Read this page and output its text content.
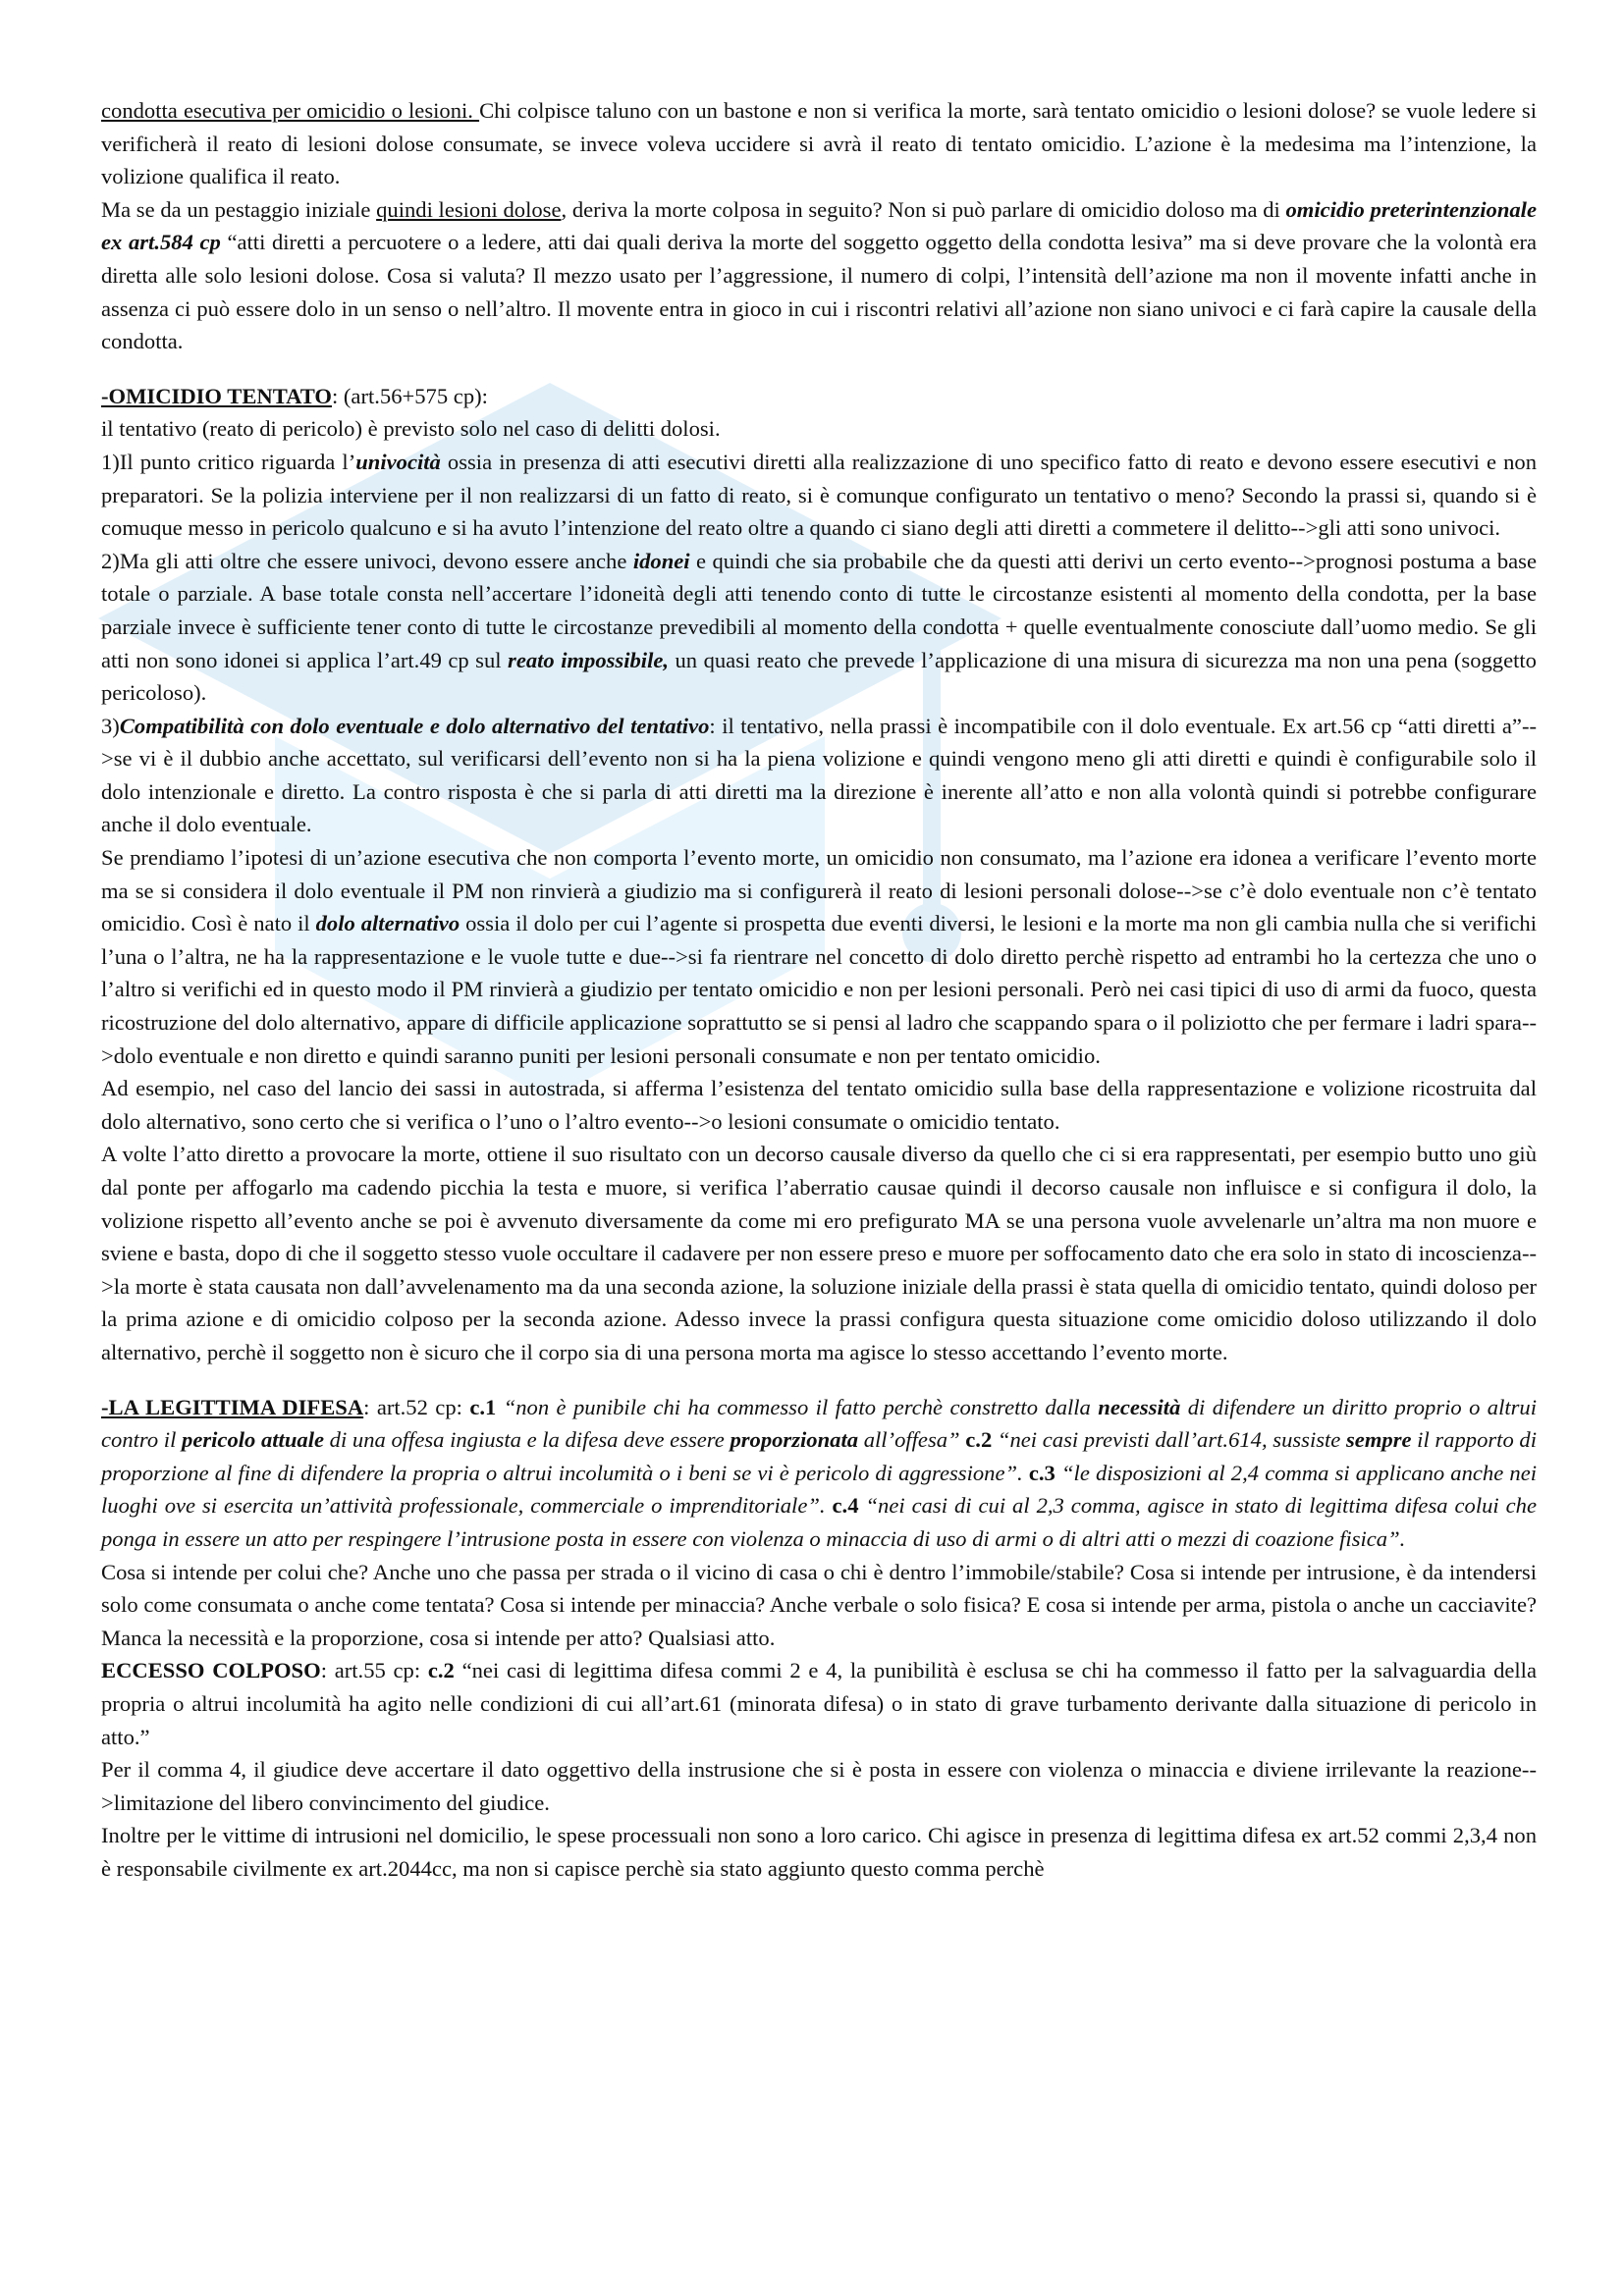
condotta esecutiva per omicidio o lesioni. Chi colpisce taluno con un bastone e non si verifica la morte, sarà tentato omicidio o lesioni dolose? se vuole ledere si verificherà il reato di lesioni dolose consumate, se invece voleva uccidere si avrà il reato di tentato omicidio. L’azione è la medesima ma l’intenzione, la volizione qualifica il reato.

Ma se da un pestaggio iniziale quindi lesioni dolose, deriva la morte colposa in seguito? Non si può parlare di omicidio doloso ma di omicidio preterintenzionale ex art.584 cp “atti diretti a percuotere o a ledere, atti dai quali deriva la morte del soggetto oggetto della condotta lesiva” ma si deve provare che la volontà era diretta alle solo lesioni dolose. Cosa si valuta? Il mezzo usato per l’aggressione, il numero di colpi, l’intensità dell’azione ma non il movente infatti anche in assenza ci può essere dolo in un senso o nell’altro. Il movente entra in gioco in cui i riscontri relativi all’azione non siano univoci e ci farà capire la causale della condotta.

-OMICIDIO TENTATO: (art.56+575 cp):

il tentativo (reato di pericolo) è previsto solo nel caso di delitti dolosi.

1)Il punto critico riguarda l’univocità ossia in presenza di atti esecutivi diretti alla realizzazione di uno specifico fatto di reato e devono essere esecutivi e non preparatori. Se la polizia interviene per il non realizzarsi di un fatto di reato, si è comunque configurato un tentativo o meno? Secondo la prassi si, quando si è comuque messo in pericolo qualcuno e si ha avuto l’intenzione del reato oltre a quando ci siano degli atti diretti a commetere il delitto-->gli atti sono univoci.

2)Ma gli atti oltre che essere univoci, devono essere anche idonei e quindi che sia probabile che da questi atti derivi un certo evento-->prognosi postuma a base totale o parziale. A base totale consta nell’accertare l’idoneità degli atti tenendo conto di tutte le circostanze esistenti al momento della condotta, per la base parziale invece è sufficiente tener conto di tutte le circostanze prevedibili al momento della condotta + quelle eventualmente conosciute dall’uomo medio. Se gli atti non sono idonei si applica l’art.49 cp sul reato impossibile, un quasi reato che prevede l’applicazione di una misura di sicurezza ma non una pena (soggetto pericoloso).

3)Compatibilità con dolo eventuale e dolo alternativo del tentativo: il tentativo, nella prassi è incompatibile con il dolo eventuale. Ex art.56 cp “atti diretti a”-->se vi è il dubbio anche accettato, sul verificarsi dell’evento non si ha la piena volizione e quindi vengono meno gli atti diretti e quindi è configurabile solo il dolo intenzionale e diretto. La contro risposta è che si parla di atti diretti ma la direzione è inerente all’atto e non alla volontà quindi si potrebbe configurare anche il dolo eventuale.

Se prendiamo l’ipotesi di un’azione esecutiva che non comporta l’evento morte, un omicidio non consumato, ma l’azione era idonea a verificare l’evento morte ma se si considera il dolo eventuale il PM non rinvierà a giudizio ma si configurerà il reato di lesioni personali dolose-->se c’è dolo eventuale non c’è tentato omicidio. Così è nato il dolo alternativo ossia il dolo per cui l’agente si prospetta due eventi diversi, le lesioni e la morte ma non gli cambia nulla che si verifichi l’una o l’altra, ne ha la rappresentazione e le vuole tutte e due-->si fa rientrare nel concetto di dolo diretto perchè rispetto ad entrambi ho la certezza che uno o l’altro si verifichi ed in questo modo il PM rinvierà a giudizio per tentato omicidio e non per lesioni personali. Però nei casi tipici di uso di armi da fuoco, questa ricostruzione del dolo alternativo, appare di difficile applicazione soprattutto se si pensi al ladro che scappando spara o il poliziotto che per fermare i ladri spara-->dolo eventuale e non diretto e quindi saranno puniti per lesioni personali consumate e non per tentato omicidio.

Ad esempio, nel caso del lancio dei sassi in autostrada, si afferma l’esistenza del tentato omicidio sulla base della rappresentazione e volizione ricostruita dal dolo alternativo, sono certo che si verifica o l’uno o l’altro evento-->o lesioni consumate o omicidio tentato.

A volte l’atto diretto a provocare la morte, ottiene il suo risultato con un decorso causale diverso da quello che ci si era rappresentati, per esempio butto uno giù dal ponte per affogarlo ma cadendo picchia la testa e muore, si verifica l’aberratio causae quindi il decorso causale non influisce e si configura il dolo, la volizione rispetto all’evento anche se poi è avvenuto diversamente da come mi ero prefigurato MA se una persona vuole avvelenarle un’altra ma non muore e sviene e basta, dopo di che il soggetto stesso vuole occultare il cadavere per non essere preso e muore per soffocamento dato che era solo in stato di incoscienza-->la morte è stata causata non dall’avvelenamento ma da una seconda azione, la soluzione iniziale della prassi è stata quella di omicidio tentato, quindi doloso per la prima azione e di omicidio colposo per la seconda azione. Adesso invece la prassi configura questa situazione come omicidio doloso utilizzando il dolo alternativo, perchè il soggetto non è sicuro che il corpo sia di una persona morta ma agisce lo stesso accettando l’evento morte.

-LA LEGITTIMA DIFESA: art.52 cp: c.1 “non è punibile chi ha commesso il fatto perchè constretto dalla necessità di difendere un diritto proprio o altrui contro il pericolo attuale di una offesa ingiusta e la difesa deve essere proporzionata all’offesa” c.2 “nei casi previsti dall’art.614, sussiste sempre il rapporto di proporzione al fine di difendere la propria o altrui incolumità o i beni se vi è pericolo di aggressione”. c.3 “le disposizioni al 2,4 comma si applicano anche nei luoghi ove si esercita un’attività professionale, commerciale o imprenditoriale”. c.4 “nei casi di cui al 2,3 comma, agisce in stato di legittima difesa colui che ponga in essere un atto per respingere l’intrusione posta in essere con violenza o minaccia di uso di armi o di altri atti o mezzi di coazione fisica”.

Cosa si intende per colui che? Anche uno che passa per strada o il vicino di casa o chi è dentro l’immobile/stabile? Cosa si intende per intrusione, è da intendersi solo come consumata o anche come tentata? Cosa si intende per minaccia? Anche verbale o solo fisica? E cosa si intende per arma, pistola o anche un cacciavite? Manca la necessità e la proporzione, cosa si intende per atto? Qualsiasi atto.

ECCESSO COLPOSO: art.55 cp: c.2 “nei casi di legittima difesa commi 2 e 4, la punibilità è esclusa se chi ha commesso il fatto per la salvaguardia della propria o altrui incolumità ha agito nelle condizioni di cui all’art.61 (minorata difesa) o in stato di grave turbamento derivante dalla situazione di pericolo in atto.”

Per il comma 4, il giudice deve accertare il dato oggettivo della instrusione che si è posta in essere con violenza o minaccia e diviene irrilevante la reazione-->limitazione del libero convincimento del giudice.

Inoltre per le vittime di intrusioni nel domicilio, le spese processuali non sono a loro carico. Chi agisce in presenza di legittima difesa ex art.52 commi 2,3,4 non è responsabile civilmente ex art.2044cc, ma non si capisce perchè sia stato aggiunto questo comma perchè
